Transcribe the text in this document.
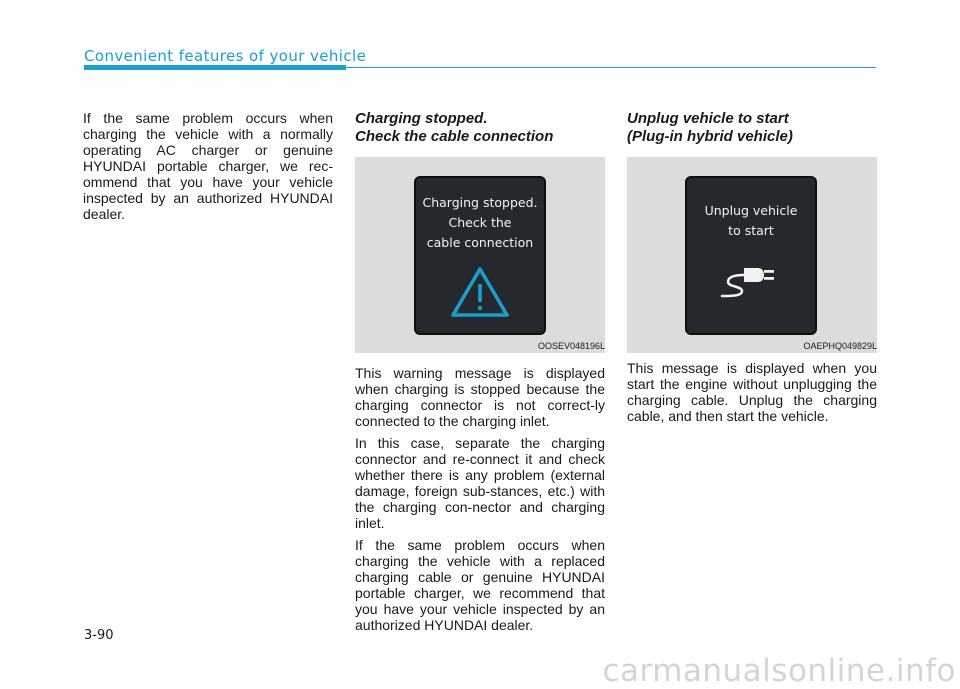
Convenient features of your vehicle

If the same problem occurs when charging the vehicle with a normally operating AC charger or genuine HYUNDAI portable charger, we rec-ommend that you have your vehicle inspected by an authorized HYUNDAI dealer.

Charging stopped.
Check the cable connection
Charging stopped.
Check the
cable connection
OOSEV048196L

This warning message is displayed when charging is stopped because the charging connector is not correct-ly connected to the charging inlet.

In this case, separate the charging connector and re-connect it and check whether there is any problem (external damage, foreign sub-stances, etc.) with the charging con-nector and charging inlet.

If the same problem occurs when charging the vehicle with a replaced charging cable or genuine HYUNDAI portable charger, we recommend that you have your vehicle inspected by an authorized HYUNDAI dealer.

Unplug vehicle to start
(Plug-in hybrid vehicle)
Unplug vehicle
to start
OAEPHQ049829L

This message is displayed when you start the engine without unplugging the charging cable. Unplug the charging cable, and then start the vehicle.

3-90
carmanualsonline.info
